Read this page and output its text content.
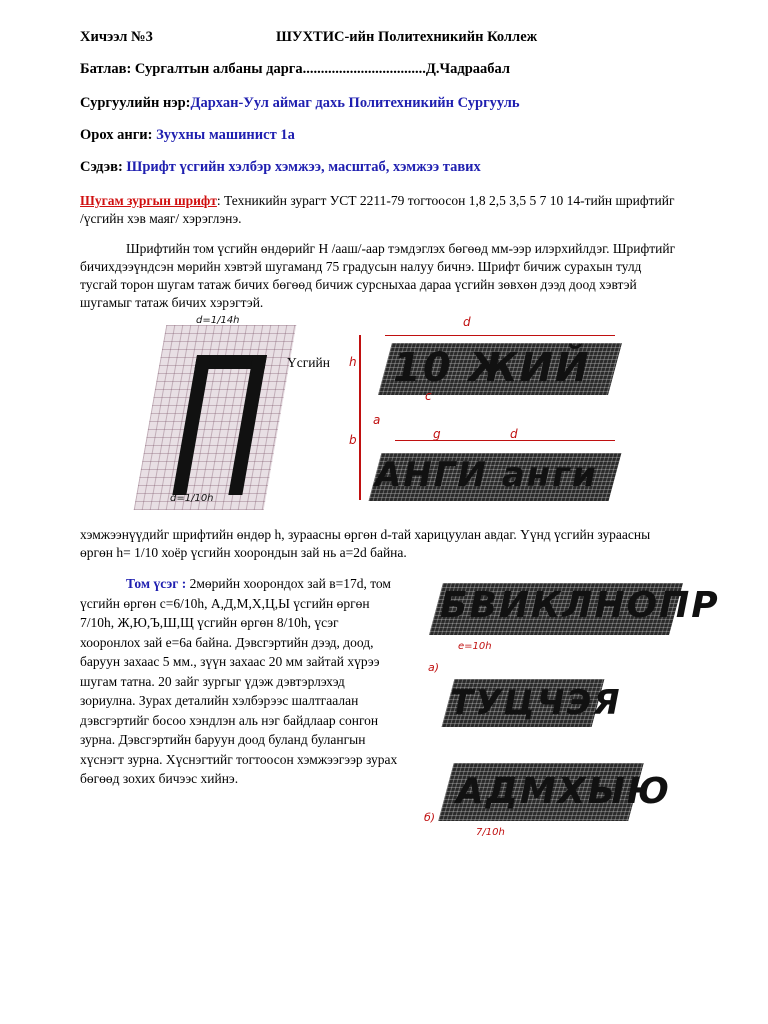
Хичээл №3	ШУХТИС-ийн Политехникийн Коллеж
Батлав: Сургалтын албаны дарга..................................Д.Чадраабал
Сургуулийн нэр:Дархан-Уул аймаг дахь Политехникийн Сургууль
Орох анги: Зуухны машинист 1а
Сэдэв: Шрифт үсгийн хэлбэр хэмжээ, масштаб, хэмжээ тавих
Шугам зургын шрифт: Техникийн зурагт УСТ 2211-79 тогтоосон 1,8 2,5 3,5 5 7 10 14-тийн шрифтийг /үсгийн хэв маяг/ хэрэглэнэ.
Шрифтийн том үсгийн өндөрийг Н /ааш/-аар тэмдэглэх бөгөөд мм-ээр илэрхийлдэг. Шрифтийг бичихдээүндсэн мөрийн хэвтэй шугаманд 75 градусын налуу бичнэ. Шрифт бичиж сурахын тулд тусгай торон шугам татаж бичих бөгөөд бичиж сурсныхаа дараа үсгийн зөвхөн дээд доод хэвтэй шугамыг татаж бичих хэрэгтэй.
d=1/14h
d=1/10h
Үсгийн 10 ЖИЙ
АНГИ анги
d
h
c
a
b	g	d
хэмжээнүүдийг шрифтийн өндөр h, зураасны өргөн d-тай харицуулан авдаг. Үүнд үсгийн зураасны өргөн h= 1/10 хоёр үсгийн хоорондын зай нь a=2d байна.
Том үсэг : 2мөрийн хоорондох зай в=17d, том үсгийн өргөн с=6/10h, А,Д,М,Х,Ц,Ы үсгийн өргөн 7/10h, Ж,Ю,Ъ,Ш,Щ үсгийн өргөн 8/10h, үсэг хооронлох зай е=6а байна. Дэвсгэртийн дээд, доод, баруун захаас 5 мм., зүүн захаас 20 мм зайтай хүрээ шугам татна. 20 зайг зургыг үдэж дэвтэрлэхэд зориулна. Зурах деталийн хэлбэрээс шалтгаалан дэвсгэртийг босоо хэндлэн аль нэг байдлаар сонгон зурна. Дэвсгэртийн баруун доод буланд булангын хүснэгт зурна. Хүснэгтийг тогтоосон хэмжээгээр зурах бөгөөд зохих бичээс хийнэ.
БВИКЛНОПР
e=10h
a)
ТУЦЧЭЯ
АДМХЫЮ
б)
7/10h
